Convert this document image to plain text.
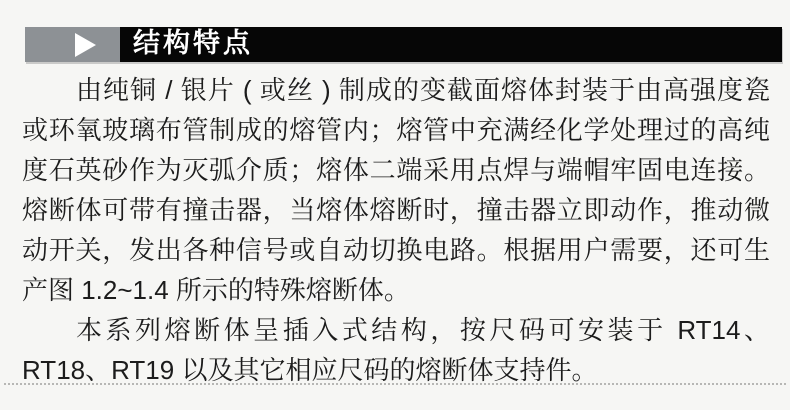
结构特点
由纯铜 / 银片 ( 或丝 ) 制成的变截面熔体封装于由高强度瓷
或环氧玻璃布管制成的熔管内；熔管中充满经化学处理过的高纯
度石英砂作为灭弧介质；熔体二端采用点焊与端帽牢固电连接。
熔断体可带有撞击器，当熔体熔断时，撞击器立即动作，推动微
动开关，发出各种信号或自动切换电路。根据用户需要，还可生
产图 1.2~1.4 所示的特殊熔断体。
本系列熔断体呈插入式结构，按尺码可安装于 RT14、
RT18、RT19 以及其它相应尺码的熔断体支持件。
